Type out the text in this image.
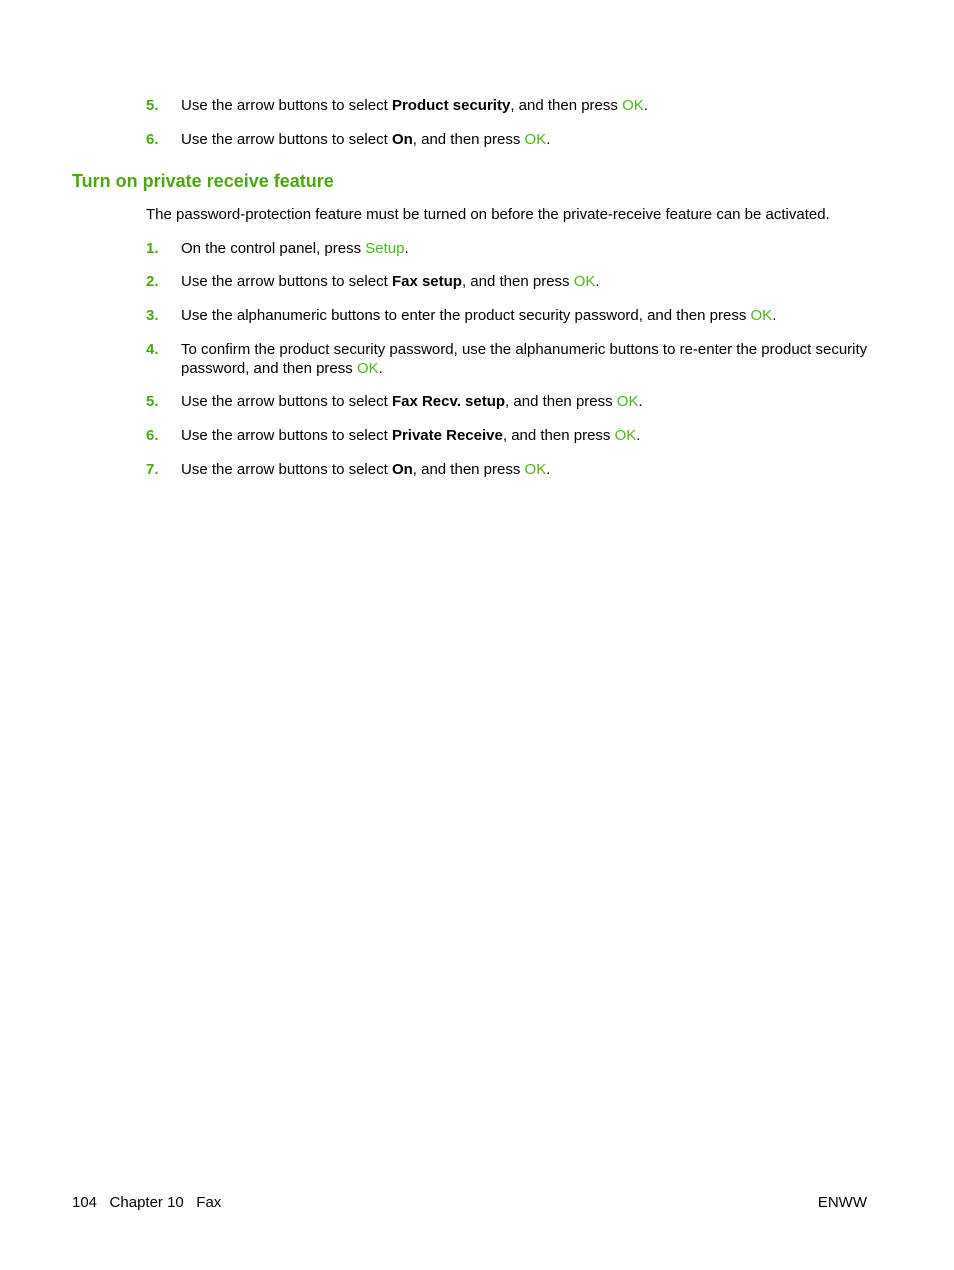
5. Use the arrow buttons to select Product security, and then press OK.
6. Use the arrow buttons to select On, and then press OK.
Turn on private receive feature
The password-protection feature must be turned on before the private-receive feature can be activated.
1. On the control panel, press Setup.
2. Use the arrow buttons to select Fax setup, and then press OK.
3. Use the alphanumeric buttons to enter the product security password, and then press OK.
4. To confirm the product security password, use the alphanumeric buttons to re-enter the product security password, and then press OK.
5. Use the arrow buttons to select Fax Recv. setup, and then press OK.
6. Use the arrow buttons to select Private Receive, and then press OK.
7. Use the arrow buttons to select On, and then press OK.
104 Chapter 10 Fax	ENWW
